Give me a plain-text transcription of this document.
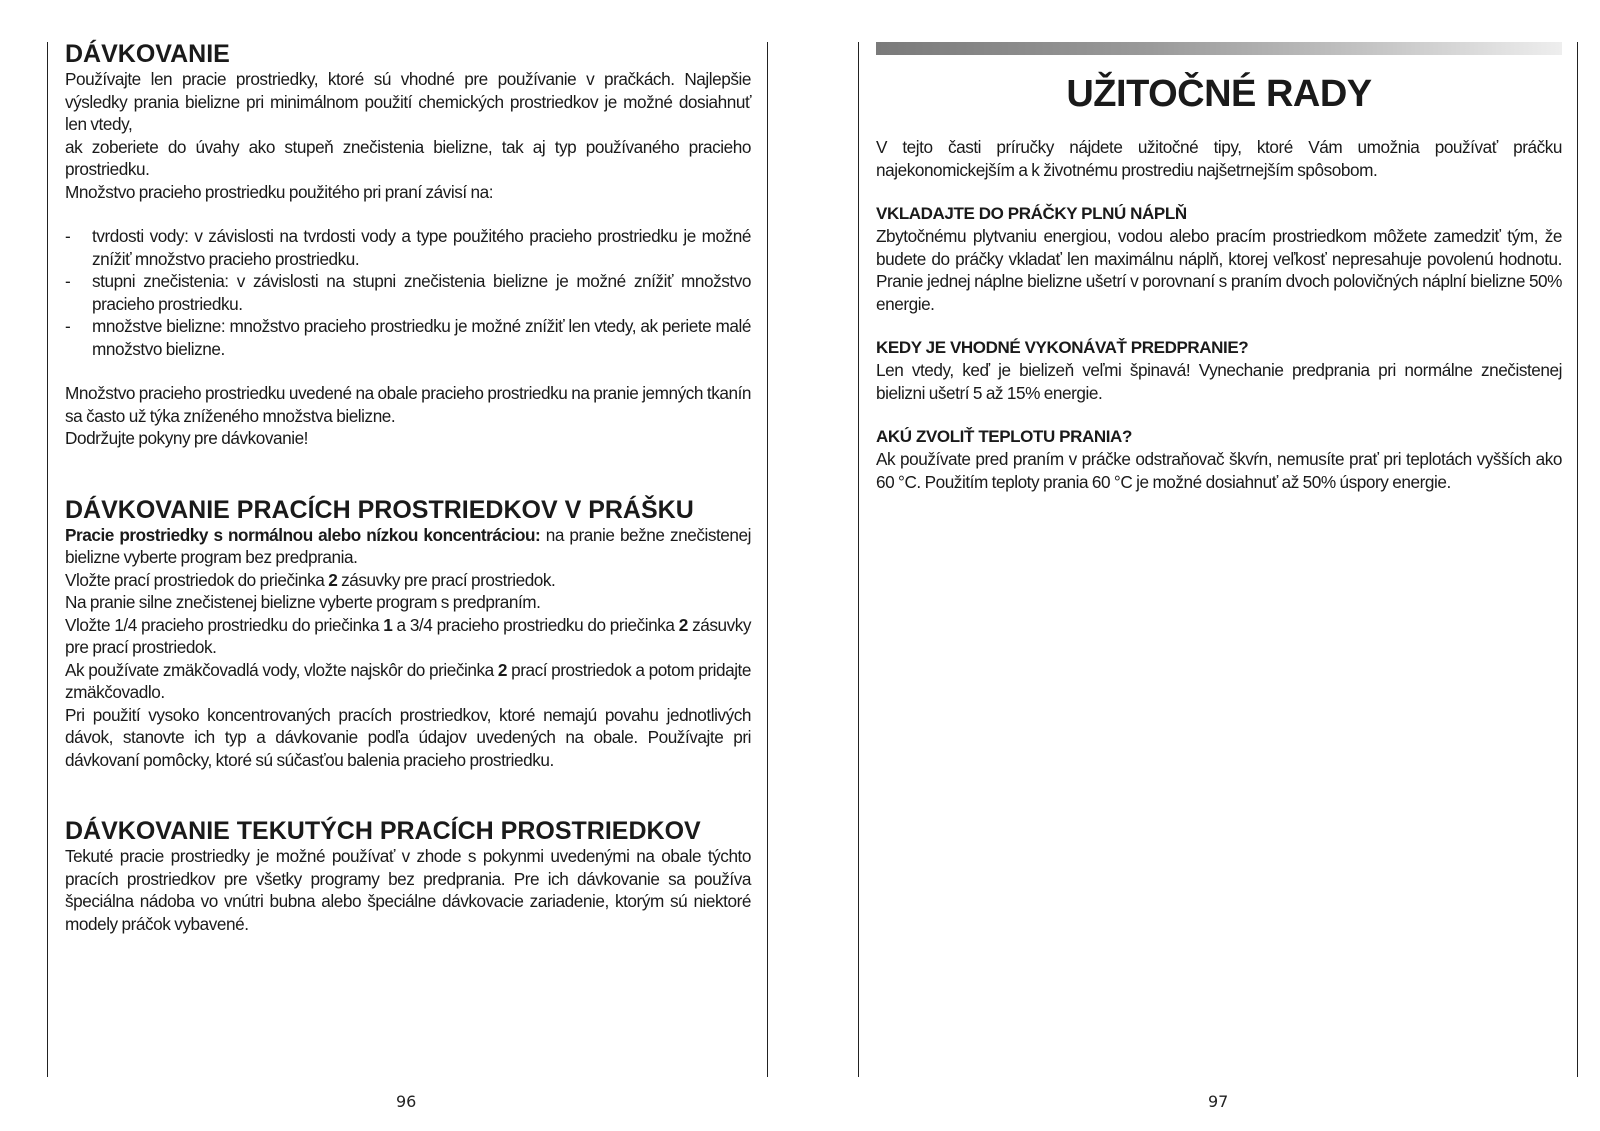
DÁVKOVANIE

Používajte len pracie prostriedky, ktoré sú vhodné pre používanie v pračkách. Najlepšie výsledky prania bielizne pri minimálnom použití chemických prostriedkov je možné dosiahnuť len vtedy,

ak zoberiete do úvahy ako stupeň znečistenia bielizne, tak aj typ používaného pracieho prostriedku.

Množstvo pracieho prostriedku použitého pri praní závisí na:

- tvrdosti vody: v závislosti na tvrdosti vody a type použitého pracieho prostriedku je možné znížiť množstvo pracieho prostriedku.
- stupni znečistenia: v závislosti na stupni znečistenia bielizne je možné znížiť množstvo pracieho prostriedku.
- množstve bielizne: množstvo pracieho prostriedku je možné znížiť len vtedy, ak periete malé množstvo bielizne.

Množstvo pracieho prostriedku uvedené na obale pracieho prostriedku na pranie jemných tkanín sa často už týka zníženého množstva bielizne.

Dodržujte pokyny pre dávkovanie!

DÁVKOVANIE PRACÍCH PROSTRIEDKOV V PRÁŠKU

Pracie prostriedky s normálnou alebo nízkou koncentráciou: na pranie bežne znečistenej bielizne vyberte program bez predprania.

Vložte prací prostriedok do priečinka 2 zásuvky pre prací prostriedok.

Na pranie silne znečistenej bielizne vyberte program s predpraním.

Vložte 1/4 pracieho prostriedku do priečinka 1 a 3/4 pracieho prostriedku do priečinka 2 zásuvky pre prací prostriedok.

Ak používate zmäkčovadlá vody, vložte najskôr do priečinka 2 prací prostriedok a potom pridajte zmäkčovadlo.

Pri použití vysoko koncentrovaných pracích prostriedkov, ktoré nemajú povahu jednotlivých dávok, stanovte ich typ a dávkovanie podľa údajov uvedených na obale. Používajte pri dávkovaní pomôcky, ktoré sú súčasťou balenia pracieho prostriedku.

DÁVKOVANIE TEKUTÝCH PRACÍCH PROSTRIEDKOV

Tekuté pracie prostriedky je možné používať v zhode s pokynmi uvedenými na obale týchto pracích prostriedkov pre všetky programy bez predprania. Pre ich dávkovanie sa používa špeciálna nádoba vo vnútri bubna alebo špeciálne dávkovacie zariadenie, ktorým sú niektoré modely práčok vybavené.

96
UŽITOČNÉ RADY

V tejto časti príručky nájdete užitočné tipy, ktoré Vám umožnia používať práčku najekonomickejším a k životnému prostrediu najšetrnejším spôsobom.

VKLADAJTE DO PRÁČKY PLNÚ NÁPLŇ

Zbytočnému plytvaniu energiou, vodou alebo pracím prostriedkom môžete zamedziť tým, že budete do práčky vkladať len maximálnu náplň, ktorej veľkosť nepresahuje povolenú hodnotu. Pranie jednej náplne bielizne ušetrí v porovnaní s praním dvoch polovičných náplní bielizne 50% energie.

KEDY JE VHODNÉ VYKONÁVAŤ PREDPRANIE?

Len vtedy, keď je bielizeň veľmi špinavá! Vynechanie predprania pri normálne znečistenej bielizni ušetrí 5 až 15% energie.

AKÚ ZVOLIŤ TEPLOTU PRANIA?

Ak používate pred praním v práčke odstraňovač škvŕn, nemusíte prať pri teplotách vyšších ako 60 °C. Použitím teploty prania 60 °C je možné dosiahnuť až 50% úspory energie.

97
